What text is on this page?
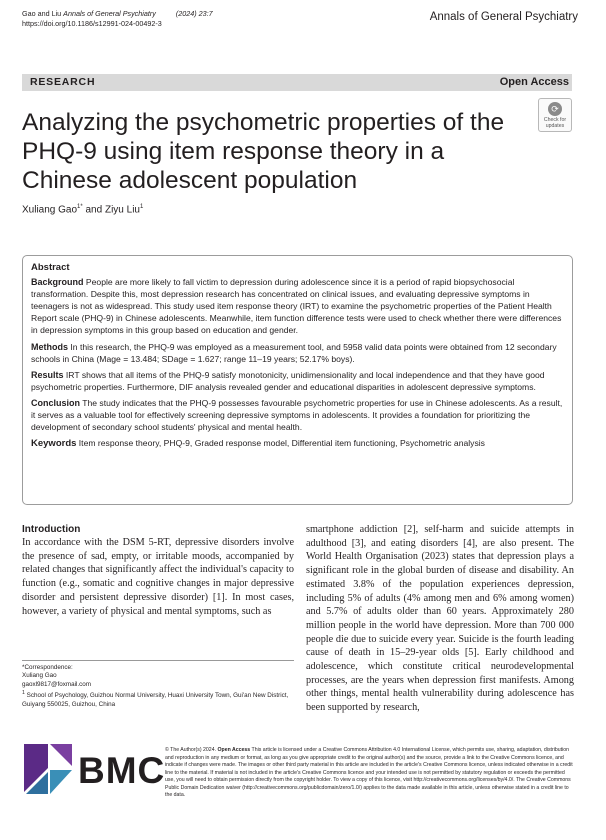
Gao and Liu Annals of General Psychiatry	(2024) 23:7
https://doi.org/10.1186/s12991-024-00492-3
Annals of General Psychiatry
RESEARCH	Open Access
⟳
Check for
updates
Analyzing the psychometric properties of the PHQ-9 using item response theory in a Chinese adolescent population
Xuliang Gao$^{1*}$ and Ziyu Liu$^1$
Abstract
Background People are more likely to fall victim to depression during adolescence since it is a period of rapid biopsychosocial transformation. Despite this, most depression research has concentrated on clinical issues, and evaluating depressive symptoms in teenagers is not as widespread. This study used item response theory (IRT) to examine the psychometric properties of the Patient Health Report scale (PHQ-9) in Chinese adolescents. Meanwhile, item function difference tests were used to check whether there were differences in depression symptoms in this group based on education and gender.
Methods In this research, the PHQ-9 was employed as a measurement tool, and 5958 valid data points were obtained from 12 secondary schools in China (Mage = 13.484; SDage = 1.627; range 11–19 years; 52.17% boys).
Results IRT shows that all items of the PHQ-9 satisfy monotonicity, unidimensionality and local independence and that they have good psychometric properties. Furthermore, DIF analysis revealed gender and educational disparities in adolescent depressive symptoms.
Conclusion The study indicates that the PHQ-9 possesses favourable psychometric properties for use in Chinese adolescents. As a result, it serves as a valuable tool for effectively screening depressive symptoms in adolescents. It provides a foundation for prioritizing the development of secondary school students' physical and mental health.
Keywords Item response theory, PHQ-9, Graded response model, Differential item functioning, Psychometric analysis
Introduction
In accordance with the DSM 5-RT, depressive disorders involve the presence of sad, empty, or irritable moods, accompanied by related changes that significantly affect the individual's capacity to function (e.g., somatic and cognitive changes in major depressive disorder and persistent depressive disorder) [1]. In most cases, however, a variety of physical and mental symptoms, such as
smartphone addiction [2], self-harm and suicide attempts in adulthood [3], and eating disorders [4], are also present. The World Health Organisation (2023) states that depression plays a significant role in the global burden of disease and disability. An estimated 3.8% of the population experiences depression, including 5% of adults (4% among men and 6% among women) and 5.7% of adults older than 60 years. Approximately 280 million people in the world have depression. More than 700 000 people die due to suicide every year. Suicide is the fourth leading cause of death in 15–29-year olds [5]. Early childhood and adolescence, which constitute critical neurodevelopmental processes, are the years when depression first manifests. Among other things, mental health vulnerability during adolescence has been supported by research,
*Correspondence:
Xuliang Gao
gaoxl9817@foxmail.com
$^1$ School of Psychology, Guizhou Normal University, Huaxi University Town, Gui'an New District, Guiyang 550025, Guizhou, China
BMC © The Author(s) 2024. Open Access This article is licensed under a Creative Commons Attribution 4.0 International License, which permits use, sharing, adaptation, distribution and reproduction in any medium or format, as long as you give appropriate credit to the original author(s) and the source, provide a link to the Creative Commons licence, and indicate if changes were made. The images or other third party material in this article are included in the article's Creative Commons licence, unless indicated otherwise in a credit line to the material. If material is not included in the article's Creative Commons licence and your intended use is not permitted by statutory regulation or exceeds the permitted use, you will need to obtain permission directly from the copyright holder. To view a copy of this licence, visit http://creativecommons.org/licenses/by/4.0/. The Creative Commons Public Domain Dedication waiver (http://creativecommons.org/publicdomain/zero/1.0/) applies to the data made available in this article, unless otherwise stated in a credit line to the data.
